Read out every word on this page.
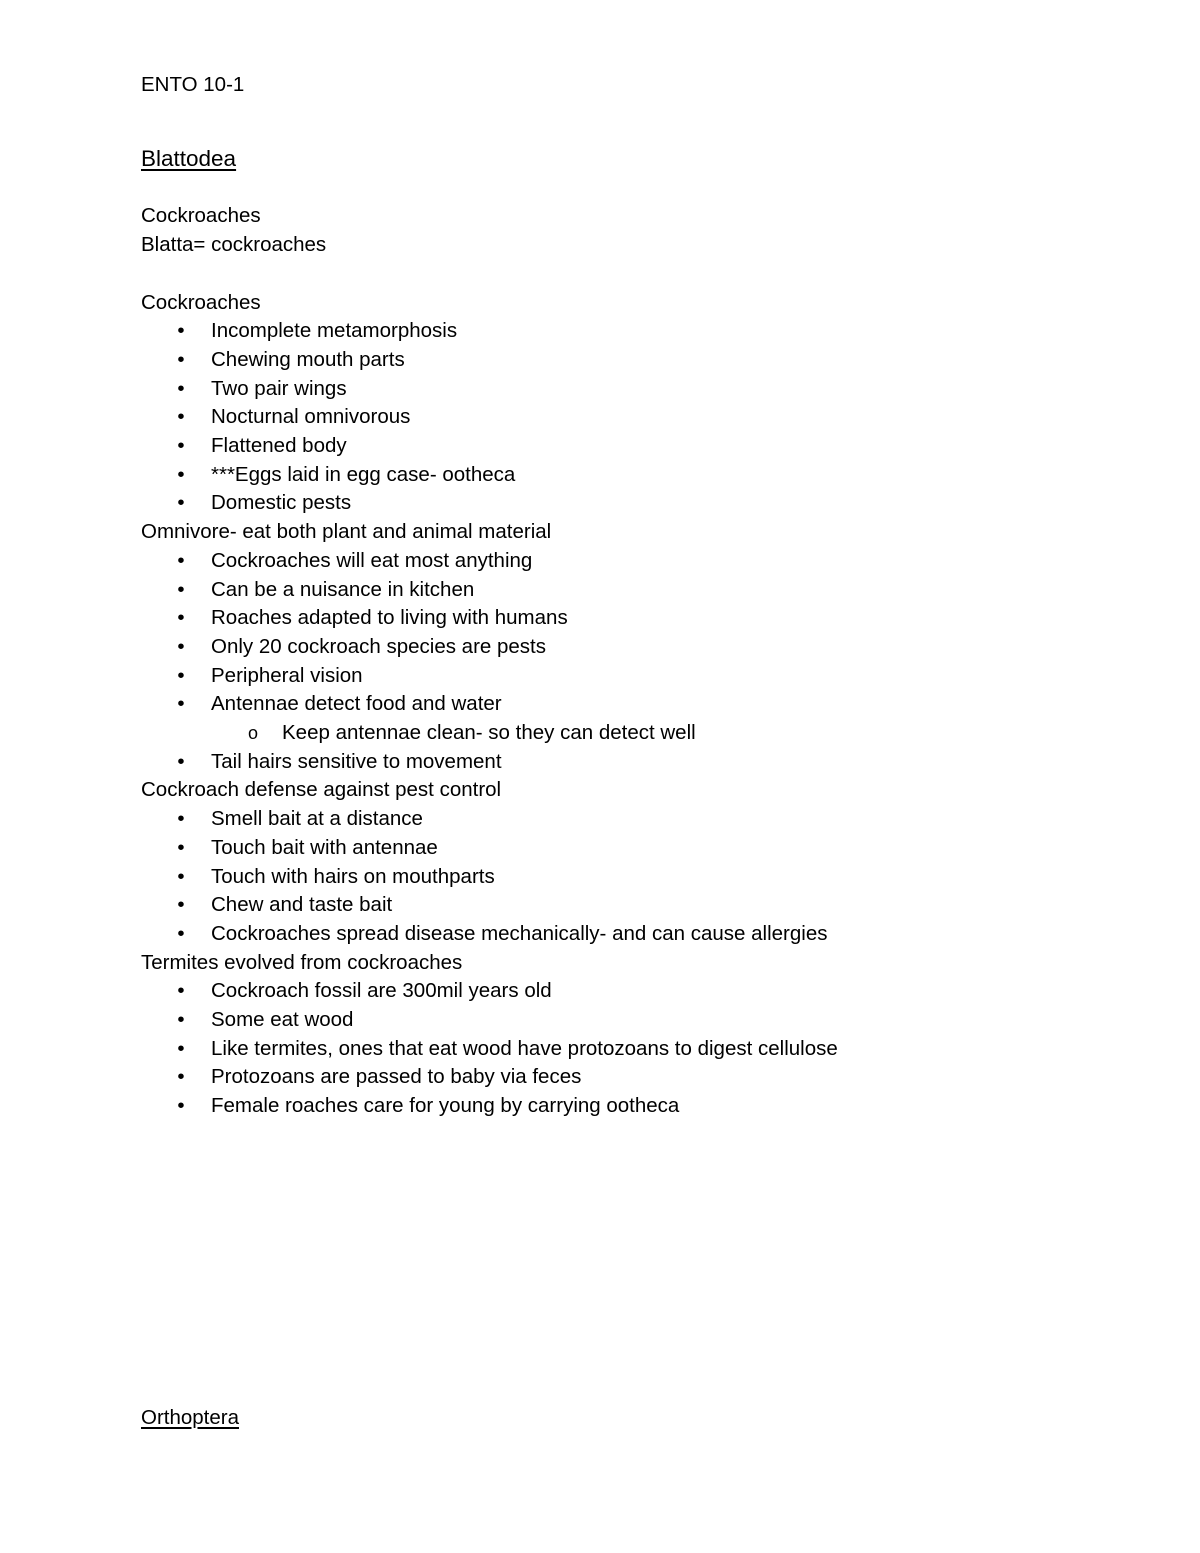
ENTO 10-1

Blattodea

Cockroaches

Blatta= cockroaches

Cockroaches

• Incomplete metamorphosis
• Chewing mouth parts
• Two pair wings
• Nocturnal omnivorous
• Flattened body
• ***Eggs laid in egg case- ootheca
• Domestic pests

Omnivore- eat both plant and animal material

• Cockroaches will eat most anything
• Can be a nuisance in kitchen
• Roaches adapted to living with humans
• Only 20 cockroach species are pests
• Peripheral vision
• Antennae detect food and water
o Keep antennae clean- so they can detect well
• Tail hairs sensitive to movement

Cockroach defense against pest control

• Smell bait at a distance
• Touch bait with antennae
• Touch with hairs on mouthparts
• Chew and taste bait
• Cockroaches spread disease mechanically- and can cause allergies

Termites evolved from cockroaches

• Cockroach fossil are 300mil years old
• Some eat wood
• Like termites, ones that eat wood have protozoans to digest cellulose
• Protozoans are passed to baby via feces
• Female roaches care for young by carrying ootheca

Orthoptera
